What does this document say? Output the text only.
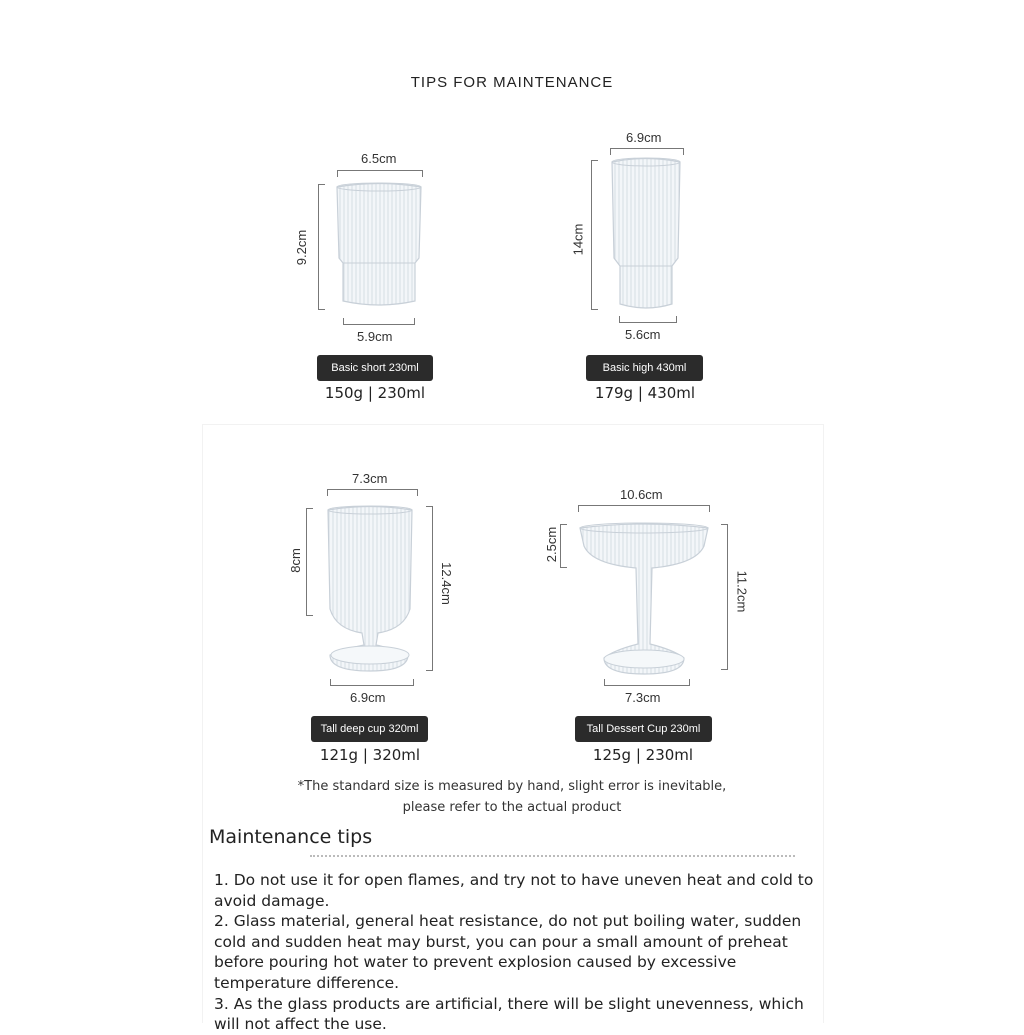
TIPS FOR MAINTENANCE
6.5cm
9.2cm
5.9cm
Basic short 230ml
150g | 230ml
6.9cm
14cm
5.6cm
Basic high 430ml
179g | 430ml
7.3cm
8cm
12.4cm
6.9cm
Tall deep cup 320ml
121g | 320ml
10.6cm
2.5cm
11.2cm
7.3cm
Tall Dessert Cup 230ml
125g | 230ml
*The standard size is measured by hand, slight error is inevitable,
please refer to the actual product
Maintenance tips

1. Do not use it for open flames, and try not to have uneven heat and cold to avoid damage.

2. Glass material, general heat resistance, do not put boiling water, sudden cold and sudden heat may burst, you can pour a small amount of preheat before pouring hot water to prevent explosion caused by excessive temperature difference.

3. As the glass products are artificial, there will be slight unevenness, which will not affect the use.
